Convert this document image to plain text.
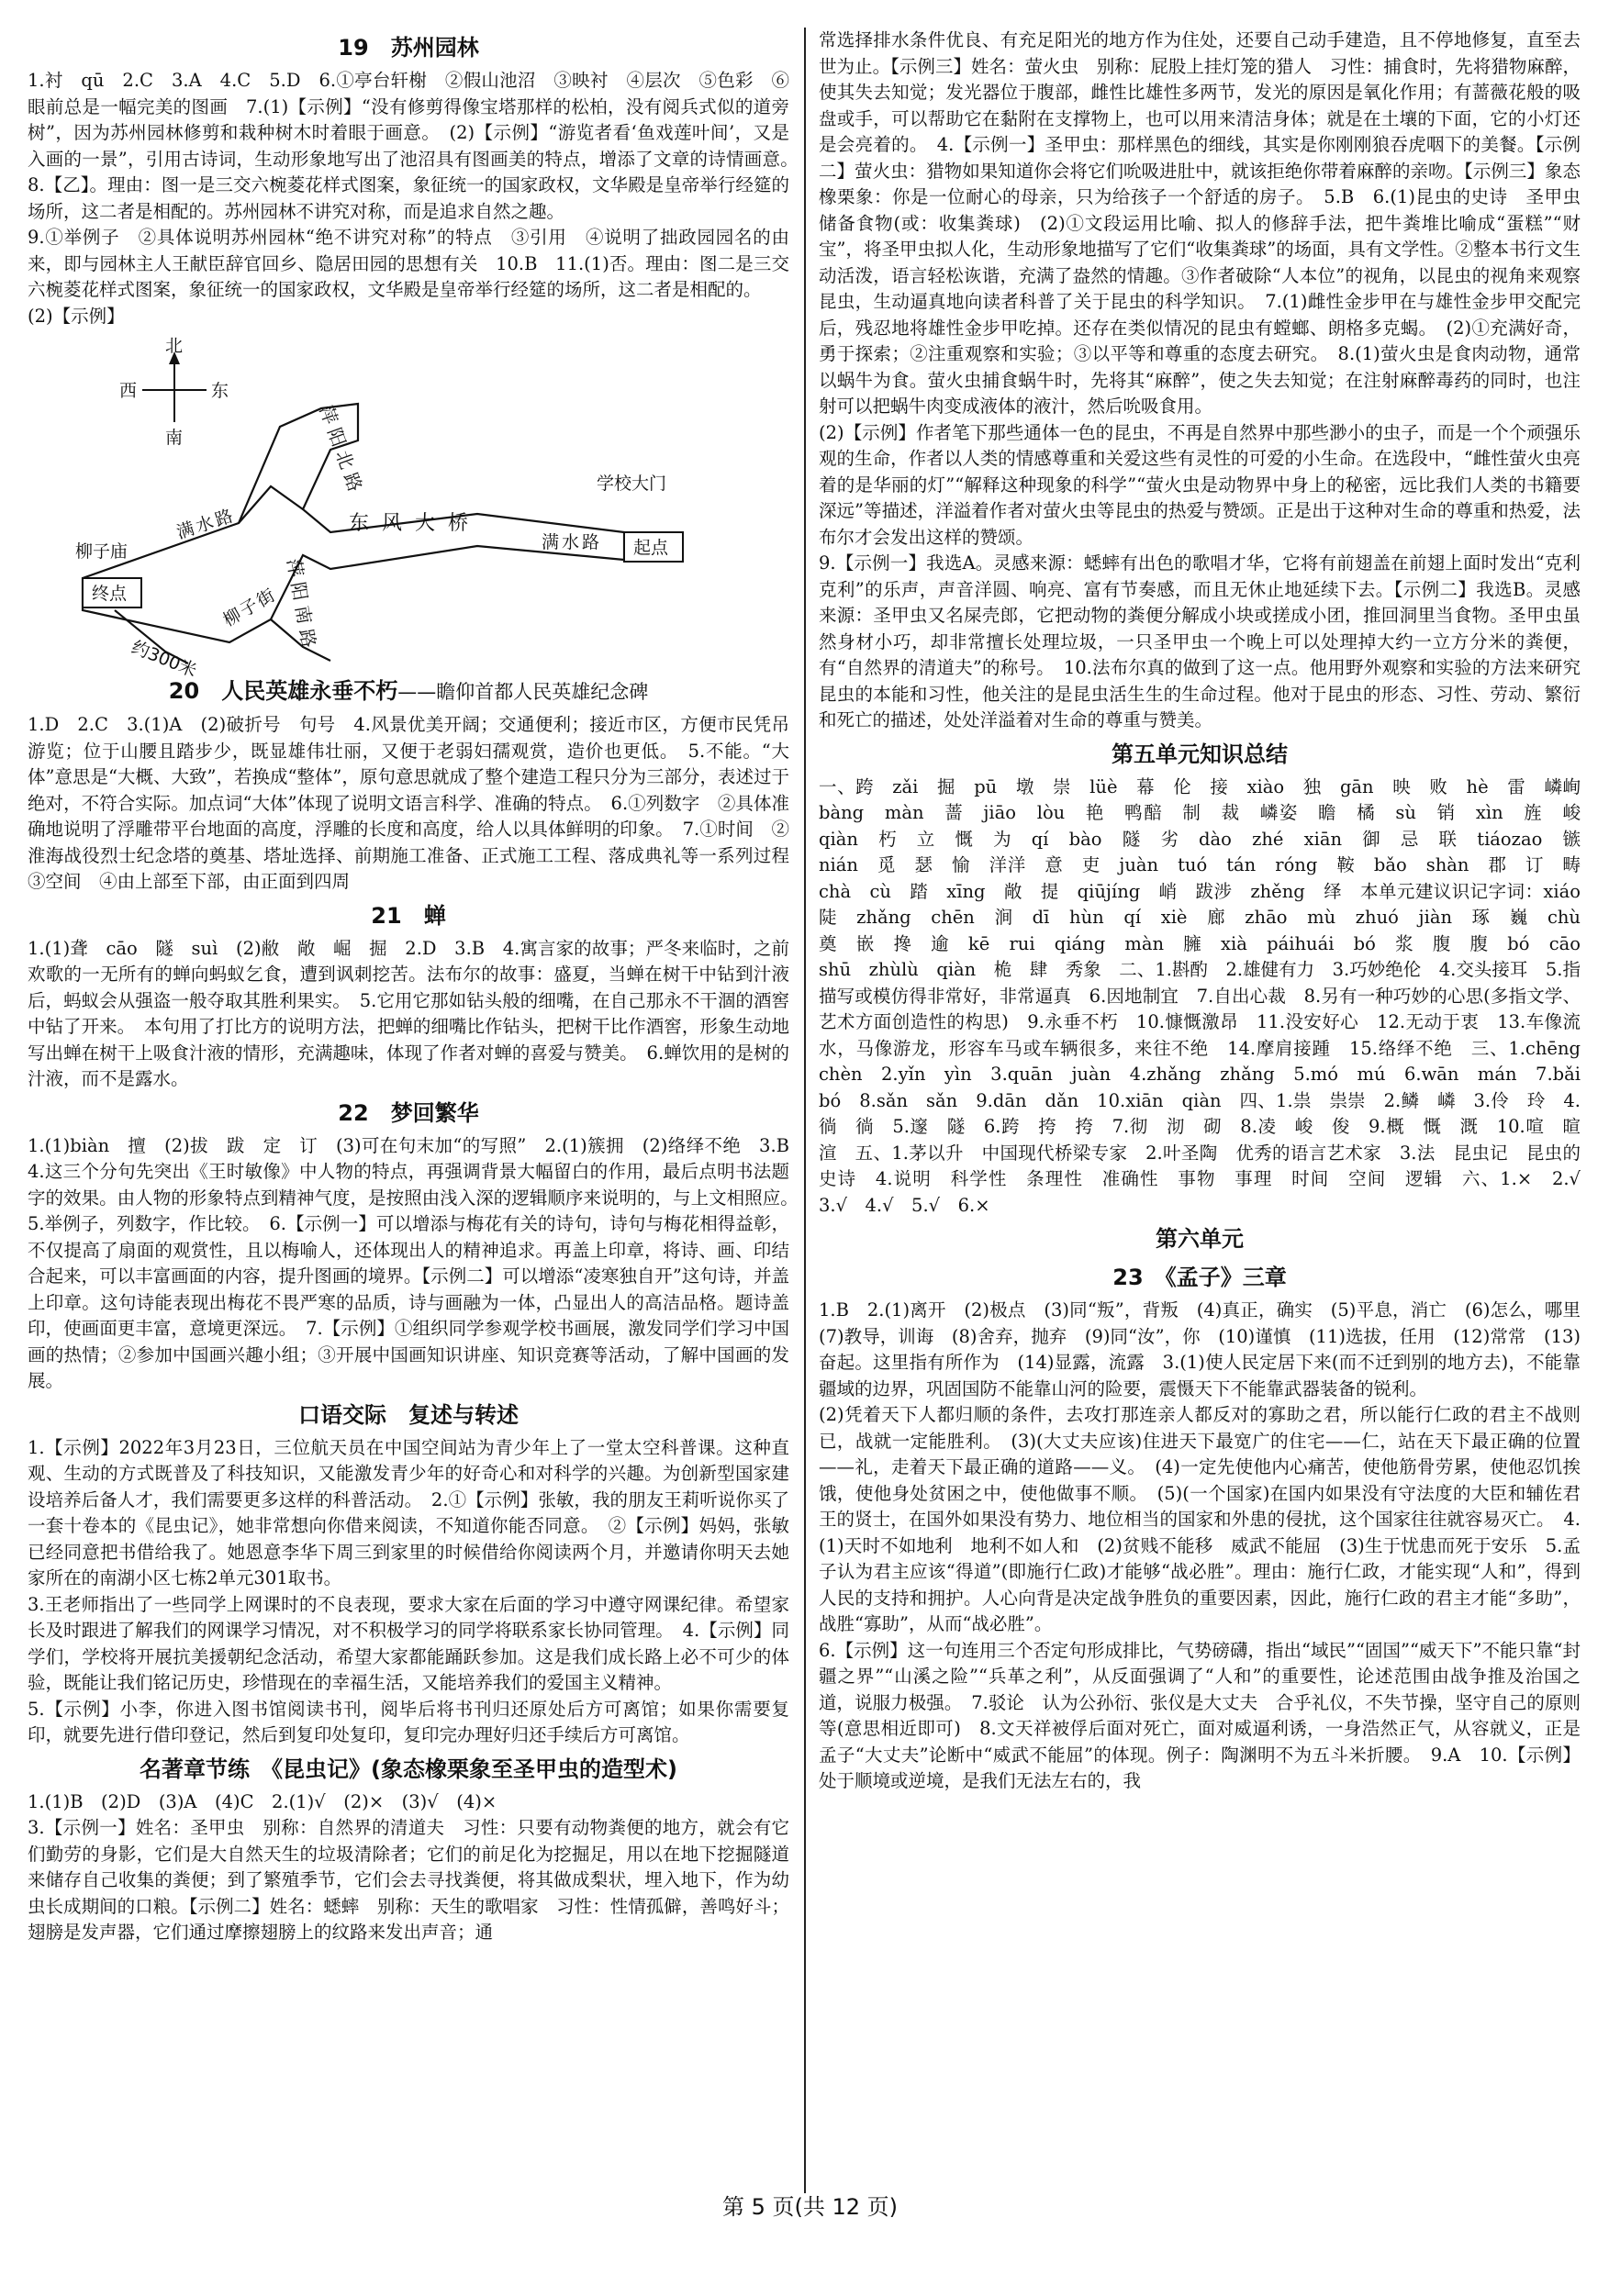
19　苏州园林

1.衬　qū　2.C　3.A　4.C　5.D　6.①亭台轩榭　②假山池沼　③映衬　④层次　⑤色彩　⑥眼前总是一幅完美的图画　7.(1)【示例】“没有修剪得像宝塔那样的松柏，没有阅兵式似的道旁树”，因为苏州园林修剪和栽种树木时着眼于画意。　(2)【示例】“游览者看‘鱼戏莲叶间’，又是入画的一景”，引用古诗词，生动形象地写出了池沼具有图画美的特点，增添了文章的诗情画意。　8.【乙】。理由：图一是三交六椀菱花样式图案，象征统一的国家政权，文华殿是皇帝举行经筵的场所，这二者是相配的。苏州园林不讲究对称，而是追求自然之趣。

9.①举例子　②具体说明苏州园林“绝不讲究对称”的特点　③引用　④说明了拙政园园名的由来，即与园林主人王献臣辞官回乡、隐居田园的思想有关　10.B　11.(1)否。理由：图二是三交六椀菱花样式图案，象征统一的国家政权，文华殿是皇帝举行经筵的场所，这二者是相配的。

(2)【示例】

北
南
西	东
萍阳北路
满水路	东风大桥
满水路
萍阳南路
柳子街
柳子庙
学校大门
起点
终点
约300米
20　人民英雄永垂不朽——瞻仰首都人民英雄纪念碑

1.D　2.C　3.(1)A　(2)破折号　句号　4.风景优美开阔；交通便利；接近市区，方便市民凭吊游览；位于山腰且踏步少，既显雄伟壮丽，又便于老弱妇孺观赏，造价也更低。　5.不能。“大体”意思是“大概、大致”，若换成“整体”，原句意思就成了整个建造工程只分为三部分，表述过于绝对，不符合实际。加点词“大体”体现了说明文语言科学、准确的特点。　6.①列数字　②具体准确地说明了浮雕带平台地面的高度，浮雕的长度和高度，给人以具体鲜明的印象。　7.①时间　②淮海战役烈士纪念塔的奠基、塔址选择、前期施工准备、正式施工工程、落成典礼等一系列过程　③空间　④由上部至下部，由正面到四周

21　蝉

1.(1)聋　cāo　隧　suì　(2)敝　敞　崛　掘　2.D　3.B　4.寓言家的故事；严冬来临时，之前欢歌的一无所有的蝉向蚂蚁乞食，遭到讽刺挖苦。法布尔的故事：盛夏，当蝉在树干中钻到汁液后，蚂蚁会从强盗一般夺取其胜利果实。　5.它用它那如钻头般的细嘴，在自己那永不干涸的酒窖中钻了开来。　本句用了打比方的说明方法，把蝉的细嘴比作钻头，把树干比作酒窖，形象生动地写出蝉在树干上吸食汁液的情形，充满趣味，体现了作者对蝉的喜爱与赞美。　6.蝉饮用的是树的汁液，而不是露水。

22　梦回繁华

1.(1)biàn　擅　(2)拔　跋　定　订　(3)可在句末加“的写照”　2.(1)簇拥　(2)络绎不绝　3.B　4.这三个分句先突出《王时敏像》中人物的特点，再强调背景大幅留白的作用，最后点明书法题字的效果。由人物的形象特点到精神气度，是按照由浅入深的逻辑顺序来说明的，与上文相照应。　5.举例子，列数字，作比较。　6.【示例一】可以增添与梅花有关的诗句，诗句与梅花相得益彰，不仅提高了扇面的观赏性，且以梅喻人，还体现出人的精神追求。再盖上印章，将诗、画、印结合起来，可以丰富画面的内容，提升图画的境界。【示例二】可以增添“凌寒独自开”这句诗，并盖上印章。这句诗能表现出梅花不畏严寒的品质，诗与画融为一体，凸显出人的高洁品格。题诗盖印，使画面更丰富，意境更深远。　7.【示例】①组织同学参观学校书画展，激发同学们学习中国画的热情；②参加中国画兴趣小组；③开展中国画知识讲座、知识竞赛等活动，了解中国画的发展。

口语交际　复述与转述

1.【示例】2022年3月23日，三位航天员在中国空间站为青少年上了一堂太空科普课。这种直观、生动的方式既普及了科技知识，又能激发青少年的好奇心和对科学的兴趣。为创新型国家建设培养后备人才，我们需要更多这样的科普活动。　2.①【示例】张敏，我的朋友王莉听说你买了一套十卷本的《昆虫记》，她非常想向你借来阅读，不知道你能否同意。　②【示例】妈妈，张敏已经同意把书借给我了。她恩意李华下周三到家里的时候借给你阅读两个月，并邀请你明天去她家所在的南湖小区七栋2单元301取书。

3.王老师指出了一些同学上网课时的不良表现，要求大家在后面的学习中遵守网课纪律。希望家长及时跟进了解我们的网课学习情况，对不积极学习的同学将联系家长协同管理。　4.【示例】同学们，学校将开展抗美援朝纪念活动，希望大家都能踊跃参加。这是我们成长路上必不可少的体验，既能让我们铭记历史，珍惜现在的幸福生活，又能培养我们的爱国主义精神。

5.【示例】小李，你进入图书馆阅读书刊，阅毕后将书刊归还原处后方可离馆；如果你需要复印，就要先进行借印登记，然后到复印处复印，复印完办理好归还手续后方可离馆。

名著章节练　《昆虫记》(象态橡栗象至圣甲虫的造型术)

1.(1)B　(2)D　(3)A　(4)C　2.(1)√　(2)×　(3)√　(4)×

3.【示例一】姓名：圣甲虫　别称：自然界的清道夫　习性：只要有动物粪便的地方，就会有它们勤劳的身影，它们是大自然天生的垃圾清除者；它们的前足化为挖掘足，用以在地下挖掘隧道来储存自己收集的粪便；到了繁殖季节，它们会去寻找粪便，将其做成梨状，埋入地下，作为幼虫长成期间的口粮。【示例二】姓名：蟋蟀　别称：天生的歌唱家　习性：性情孤僻，善鸣好斗；翅膀是发声器，它们通过摩擦翅膀上的纹路来发出声音；通

常选择排水条件优良、有充足阳光的地方作为住处，还要自己动手建造，且不停地修复，直至去世为止。【示例三】姓名：萤火虫　别称：屁股上挂灯笼的猎人　习性：捕食时，先将猎物麻醉，使其失去知觉；发光器位于腹部，雌性比雄性多两节，发光的原因是氧化作用；有蔷薇花般的吸盘或手，可以帮助它在黏附在支撑物上，也可以用来清洁身体；就是在土壤的下面，它的小灯还是会亮着的。　4.【示例一】圣甲虫：那样黑色的细线，其实是你刚刚狼吞虎咽下的美餐。【示例二】萤火虫：猎物如果知道你会将它们吮吸进肚中，就该拒绝你带着麻醉的亲吻。【示例三】象态橡栗象：你是一位耐心的母亲，只为给孩子一个舒适的房子。　5.B　6.(1)昆虫的史诗　圣甲虫　储备食物(或：收集粪球)　(2)①文段运用比喻、拟人的修辞手法，把牛粪堆比喻成“蛋糕”“财宝”，将圣甲虫拟人化，生动形象地描写了它们“收集粪球”的场面，具有文学性。②整本书行文生动活泼，语言轻松诙谐，充满了盎然的情趣。③作者破除“人本位”的视角，以昆虫的视角来观察昆虫，生动逼真地向读者科普了关于昆虫的科学知识。　7.(1)雌性金步甲在与雄性金步甲交配完后，残忍地将雄性金步甲吃掉。还存在类似情况的昆虫有螳螂、朗格多克蝎。　(2)①充满好奇，勇于探索；②注重观察和实验；③以平等和尊重的态度去研究。　8.(1)萤火虫是食肉动物，通常以蜗牛为食。萤火虫捕食蜗牛时，先将其“麻醉”，使之失去知觉；在注射麻醉毒药的同时，也注射可以把蜗牛肉变成液体的液汁，然后吮吸食用。

(2)【示例】作者笔下那些通体一色的昆虫，不再是自然界中那些渺小的虫子，而是一个个顽强乐观的生命，作者以人类的情感尊重和关爱这些有灵性的可爱的小生命。在选段中，“雌性萤火虫亮着的是华丽的灯”“解释这种现象的科学”“萤火虫是动物界中身上的秘密，远比我们人类的书籍要深远”等描述，洋溢着作者对萤火虫等昆虫的热爱与赞颂。正是出于这种对生命的尊重和热爱，法布尔才会发出这样的赞颂。

9.【示例一】我选A。灵感来源：蟋蟀有出色的歌唱才华，它将有前翅盖在前翅上面时发出“克利克利”的乐声，声音洋圆、响亮、富有节奏感，而且无休止地延续下去。【示例二】我选B。灵感来源：圣甲虫又名屎壳郎，它把动物的粪便分解成小块或搓成小团，推回洞里当食物。圣甲虫虽然身材小巧，却非常擅长处理垃圾，一只圣甲虫一个晚上可以处理掉大约一立方分米的粪便，有“自然界的清道夫”的称号。　10.法布尔真的做到了这一点。他用野外观察和实验的方法来研究昆虫的本能和习性，他关注的是昆虫活生生的生命过程。他对于昆虫的形态、习性、劳动、繁衍和死亡的描述，处处洋溢着对生命的尊重与赞美。

第五单元知识总结

一、跨　zǎi　掘　pū　墩　崇　lüè　幕　伦　接　xiào　独　gān　映　败　hè　雷　嶙峋　bàng　màn　蔷　jiāo　lòu　艳　鸭醅　制　裁　嶙姿　瞻　橘　sù　销　xìn　旌　峻　qiàn　朽　立　慨　为　qí　bào　隧　劣　dào　zhé　xiān　御　忌　联　tiáozao　镞　nián　觅　瑟　愉　洋洋　意　吏　juàn　tuó　tán　róng　鞍　bǎo　shàn　郡　订　畴　chà　cù　踏　xīng　敞　提　qiūjíng　峭　跋涉　zhěng　绎　本单元建议识记字词：xiáo　陡　zhǎng　chēn　涧　dī　hùn　qí　xiè　廊　zhāo　mù　zhuó　jiàn　琢　巍　chù　奠　嵌　搀　逾　kē　rui　qiáng　màn　臃　xià　páihuái　bó　浆　腹　腹　bó　cāo　shū　zhùlù　qiàn　桅　肆　秀象　二、1.斟酌　2.雄健有力　3.巧妙绝伦　4.交头接耳　5.指描写或模仿得非常好，非常逼真　6.因地制宜　7.自出心裁　8.另有一种巧妙的心思(多指文学、艺术方面创造性的构思)　9.永垂不朽　10.慷慨激昂　11.没安好心　12.无动于衷　13.车像流水，马像游龙，形容车马或车辆很多，来往不绝　14.摩肩接踵　15.络绎不绝　三、1.chēng　chèn　2.yǐn　yìn　3.quān　juàn　4.zhǎng　zhǎng　5.mó　mú　6.wān　mán　7.bǎi　bó　8.sǎn　sǎn　9.dān　dǎn　10.xiān　qiàn　四、1.祟　祟崇　2.鳞　嶙　3.伶　玲　4.徜　徜　5.邃　隧　6.跨　挎　挎　7.彻　沏　砌　8.凌　峻　俊　9.概　慨　溉　10.喧　暄　渲　五、1.茅以升　中国现代桥梁专家　2.叶圣陶　优秀的语言艺术家　3.法　昆虫记　昆虫的史诗　4.说明　科学性　条理性　准确性　事物　事理　时间　空间　逻辑　六、1.×　2.√　3.√　4.√　5.√　6.×

第六单元
23　《孟子》三章

1.B　2.(1)离开　(2)极点　(3)同“叛”，背叛　(4)真正，确实　(5)平息，消亡　(6)怎么，哪里　(7)教导，训诲　(8)舍弃，抛弃　(9)同“汝”，你　(10)谨慎　(11)选拔，任用　(12)常常　(13)奋起。这里指有所作为　(14)显露，流露　3.(1)使人民定居下来(而不迁到别的地方去)，不能靠疆域的边界，巩固国防不能靠山河的险要，震慑天下不能靠武器装备的锐利。

(2)凭着天下人都归顺的条件，去攻打那连亲人都反对的寡助之君，所以能行仁政的君主不战则已，战就一定能胜利。　(3)(大丈夫应该)住进天下最宽广的住宅——仁，站在天下最正确的位置——礼，走着天下最正确的道路——义。　(4)一定先使他内心痛苦，使他筋骨劳累，使他忍饥挨饿，使他身处贫困之中，使他做事不顺。　(5)(一个国家)在国内如果没有守法度的大臣和辅佐君王的贤士，在国外如果没有势力、地位相当的国家和外患的侵扰，这个国家往往就容易灭亡。　4.(1)天时不如地利　地利不如人和　(2)贫贱不能移　威武不能屈　(3)生于忧患而死于安乐　5.孟子认为君主应该“得道”(即施行仁政)才能够“战必胜”。理由：施行仁政，才能实现“人和”，得到人民的支持和拥护。人心向背是决定战争胜负的重要因素，因此，施行仁政的君主才能“多助”，战胜“寡助”，从而“战必胜”。

6.【示例】这一句连用三个否定句形成排比，气势磅礴，指出“域民”“固国”“威天下”不能只靠“封疆之界”“山溪之险”“兵革之利”，从反面强调了“人和”的重要性，论述范围由战争推及治国之道，说服力极强。　7.驳论　认为公孙衍、张仪是大丈夫　合乎礼仪，不失节操，坚守自己的原则等(意思相近即可)　8.文天祥被俘后面对死亡，面对威逼利诱，一身浩然正气，从容就义，正是孟子“大丈夫”论断中“威武不能屈”的体现。例子：陶渊明不为五斗米折腰。　9.A　10.【示例】处于顺境或逆境，是我们无法左右的，我

第 5 页(共 12 页)
